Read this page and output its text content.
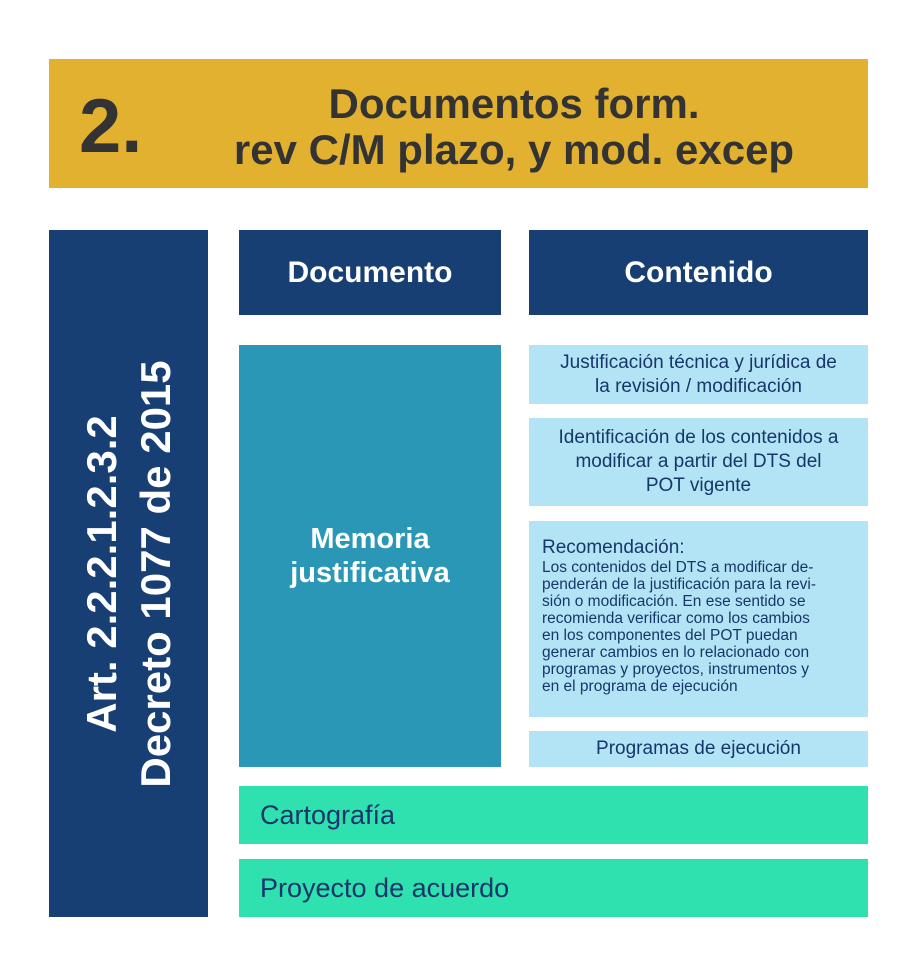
2.	Documentos form.
rev C/M plazo, y mod. excep
Art. 2.2.2.1.2.3.2 Decreto 1077 de 2015
Documento	Contenido
Memoria
justificativa
Justificación técnica y jurídica de
la revisión / modificación
Identificación de los contenidos a
modificar a partir del DTS del
POT vigente
Recomendación:
Los contenidos del DTS a modificar de-
penderán de la justificación para la revi-
sión o modificación. En ese sentido se
recomienda verificar como los cambios
en los componentes del POT puedan
generar cambios en lo relacionado con
programas y proyectos, instrumentos y
en el programa de ejecución
Programas de ejecución
Cartografía
Proyecto de acuerdo
